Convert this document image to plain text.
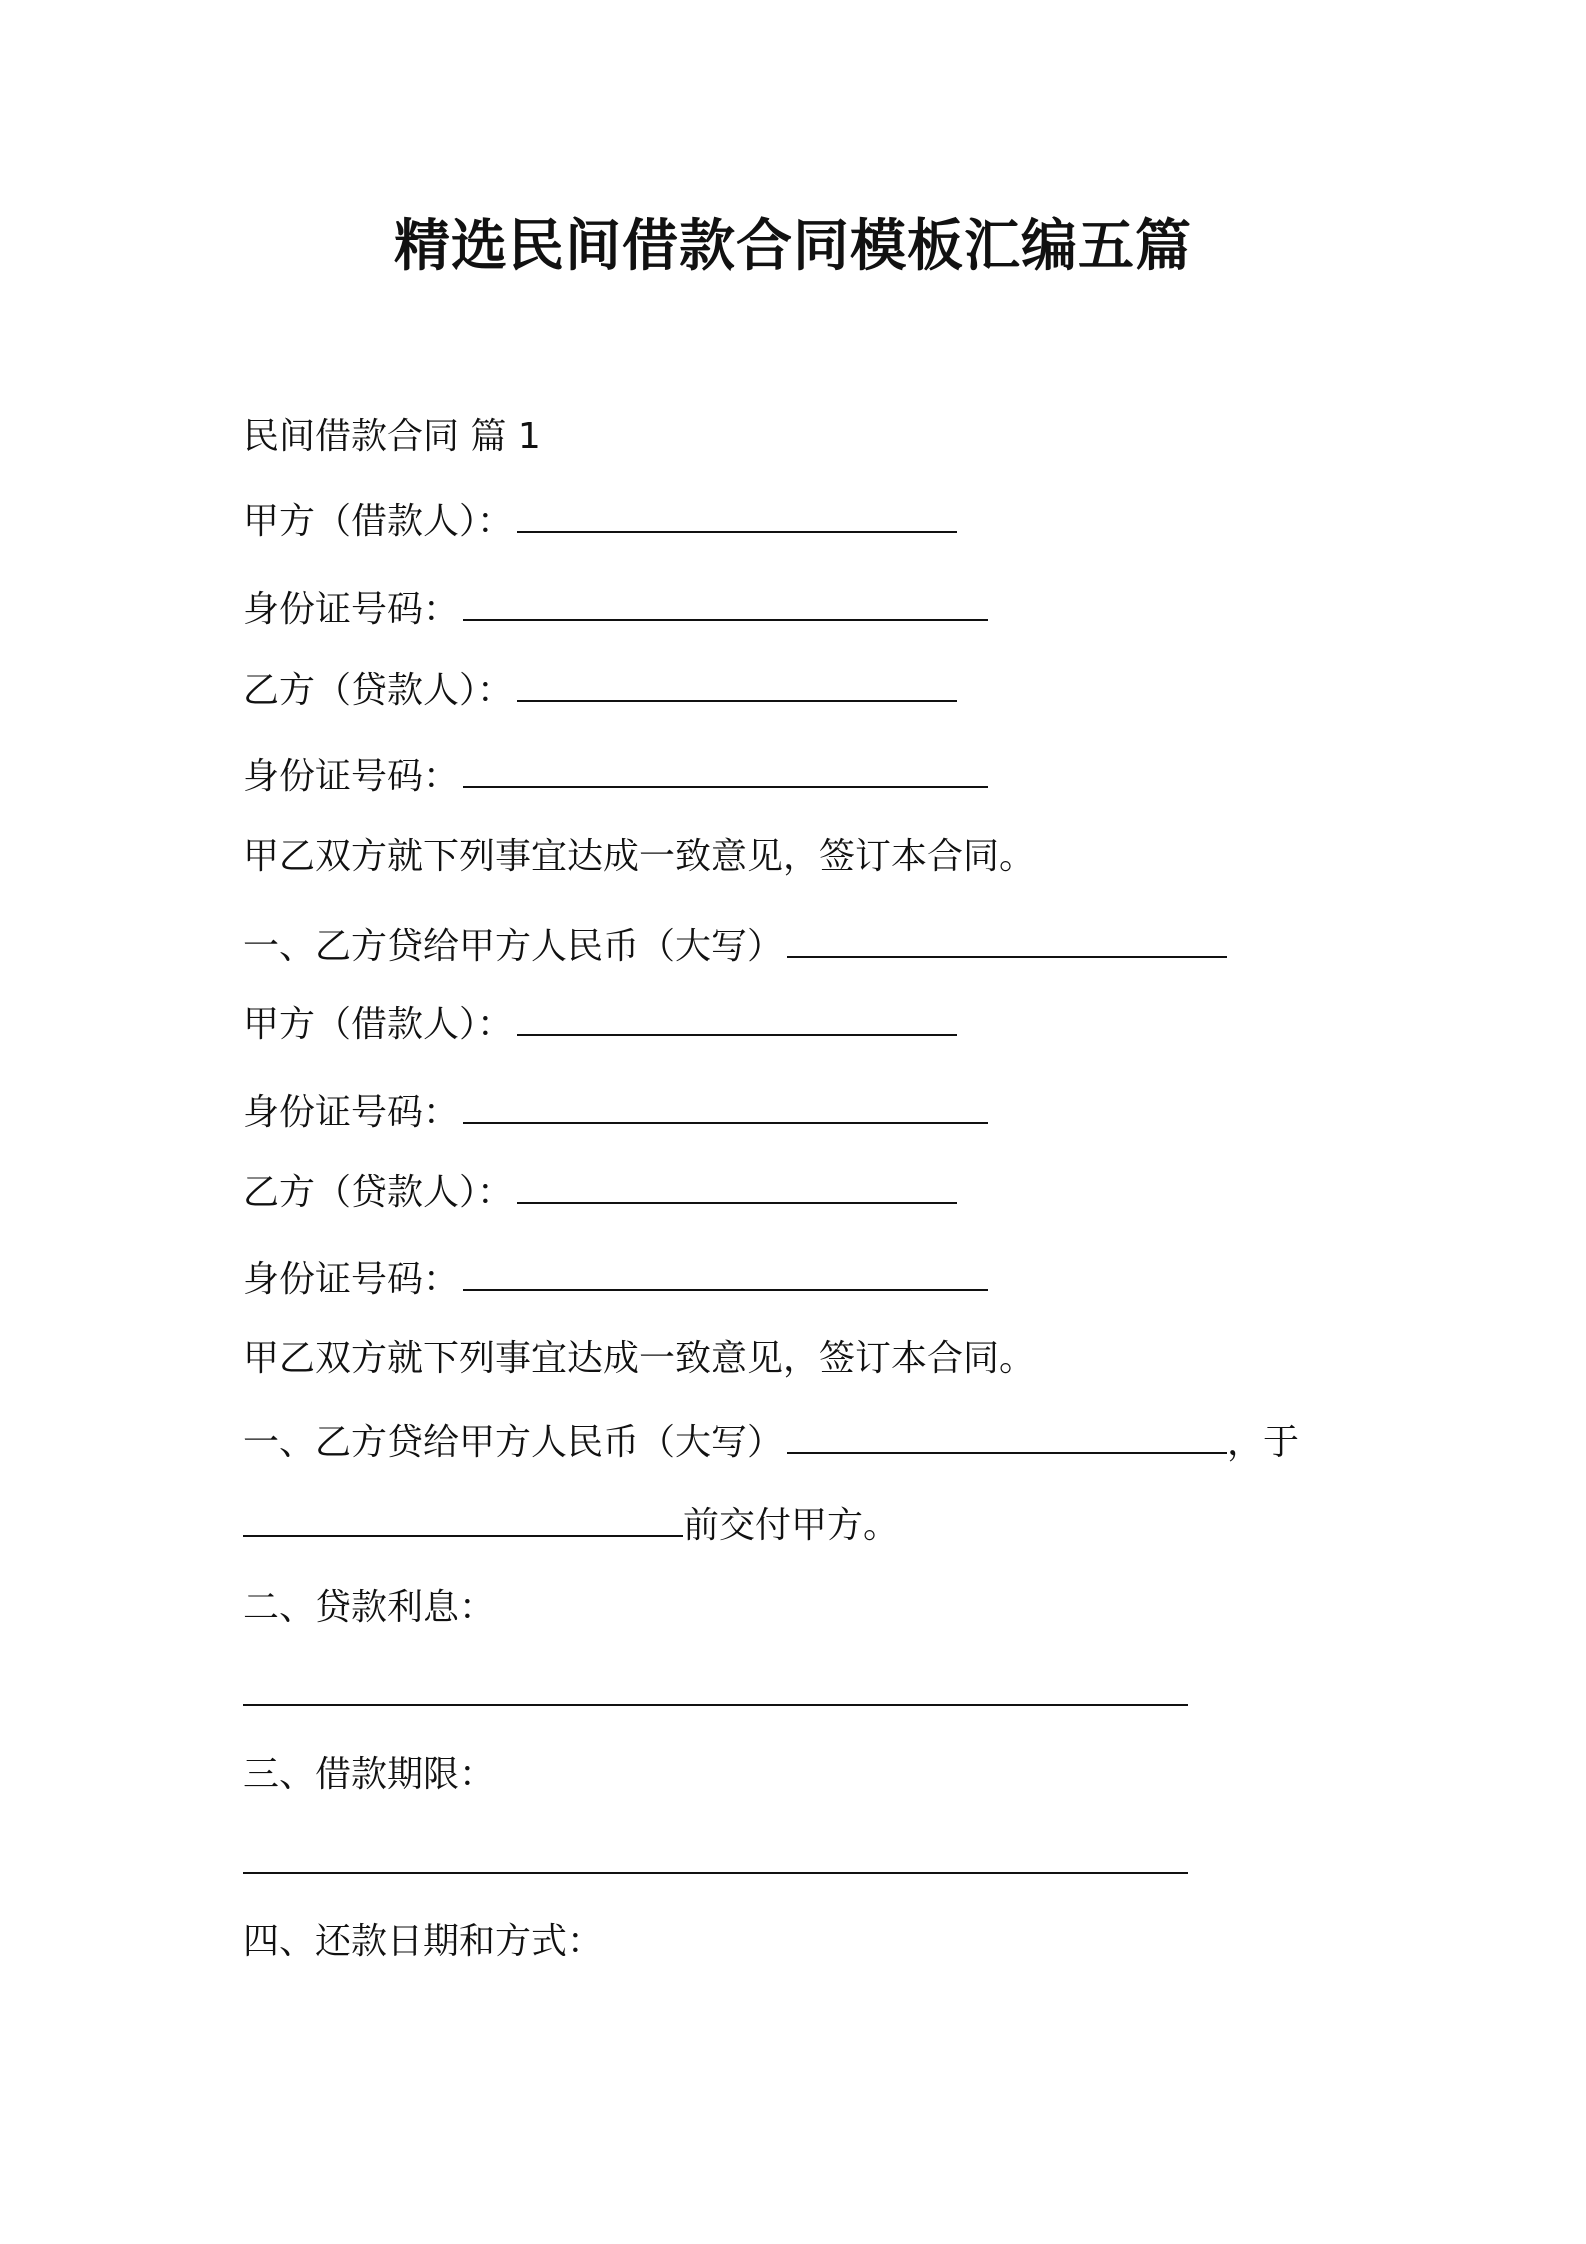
精选民间借款合同模板汇编五篇

民间借款合同 篇 1

甲方（借款人）：

身份证号码：

乙方（贷款人）：

身份证号码：

甲乙双方就下列事宜达成一致意见，签订本合同。

一、乙方贷给甲方人民币（大写）

甲方（借款人）：

身份证号码：

乙方（贷款人）：

身份证号码：

甲乙双方就下列事宜达成一致意见，签订本合同。

一、乙方贷给甲方人民币（大写）	，于

前交付甲方。

二、贷款利息：

三、借款期限：

四、还款日期和方式：
